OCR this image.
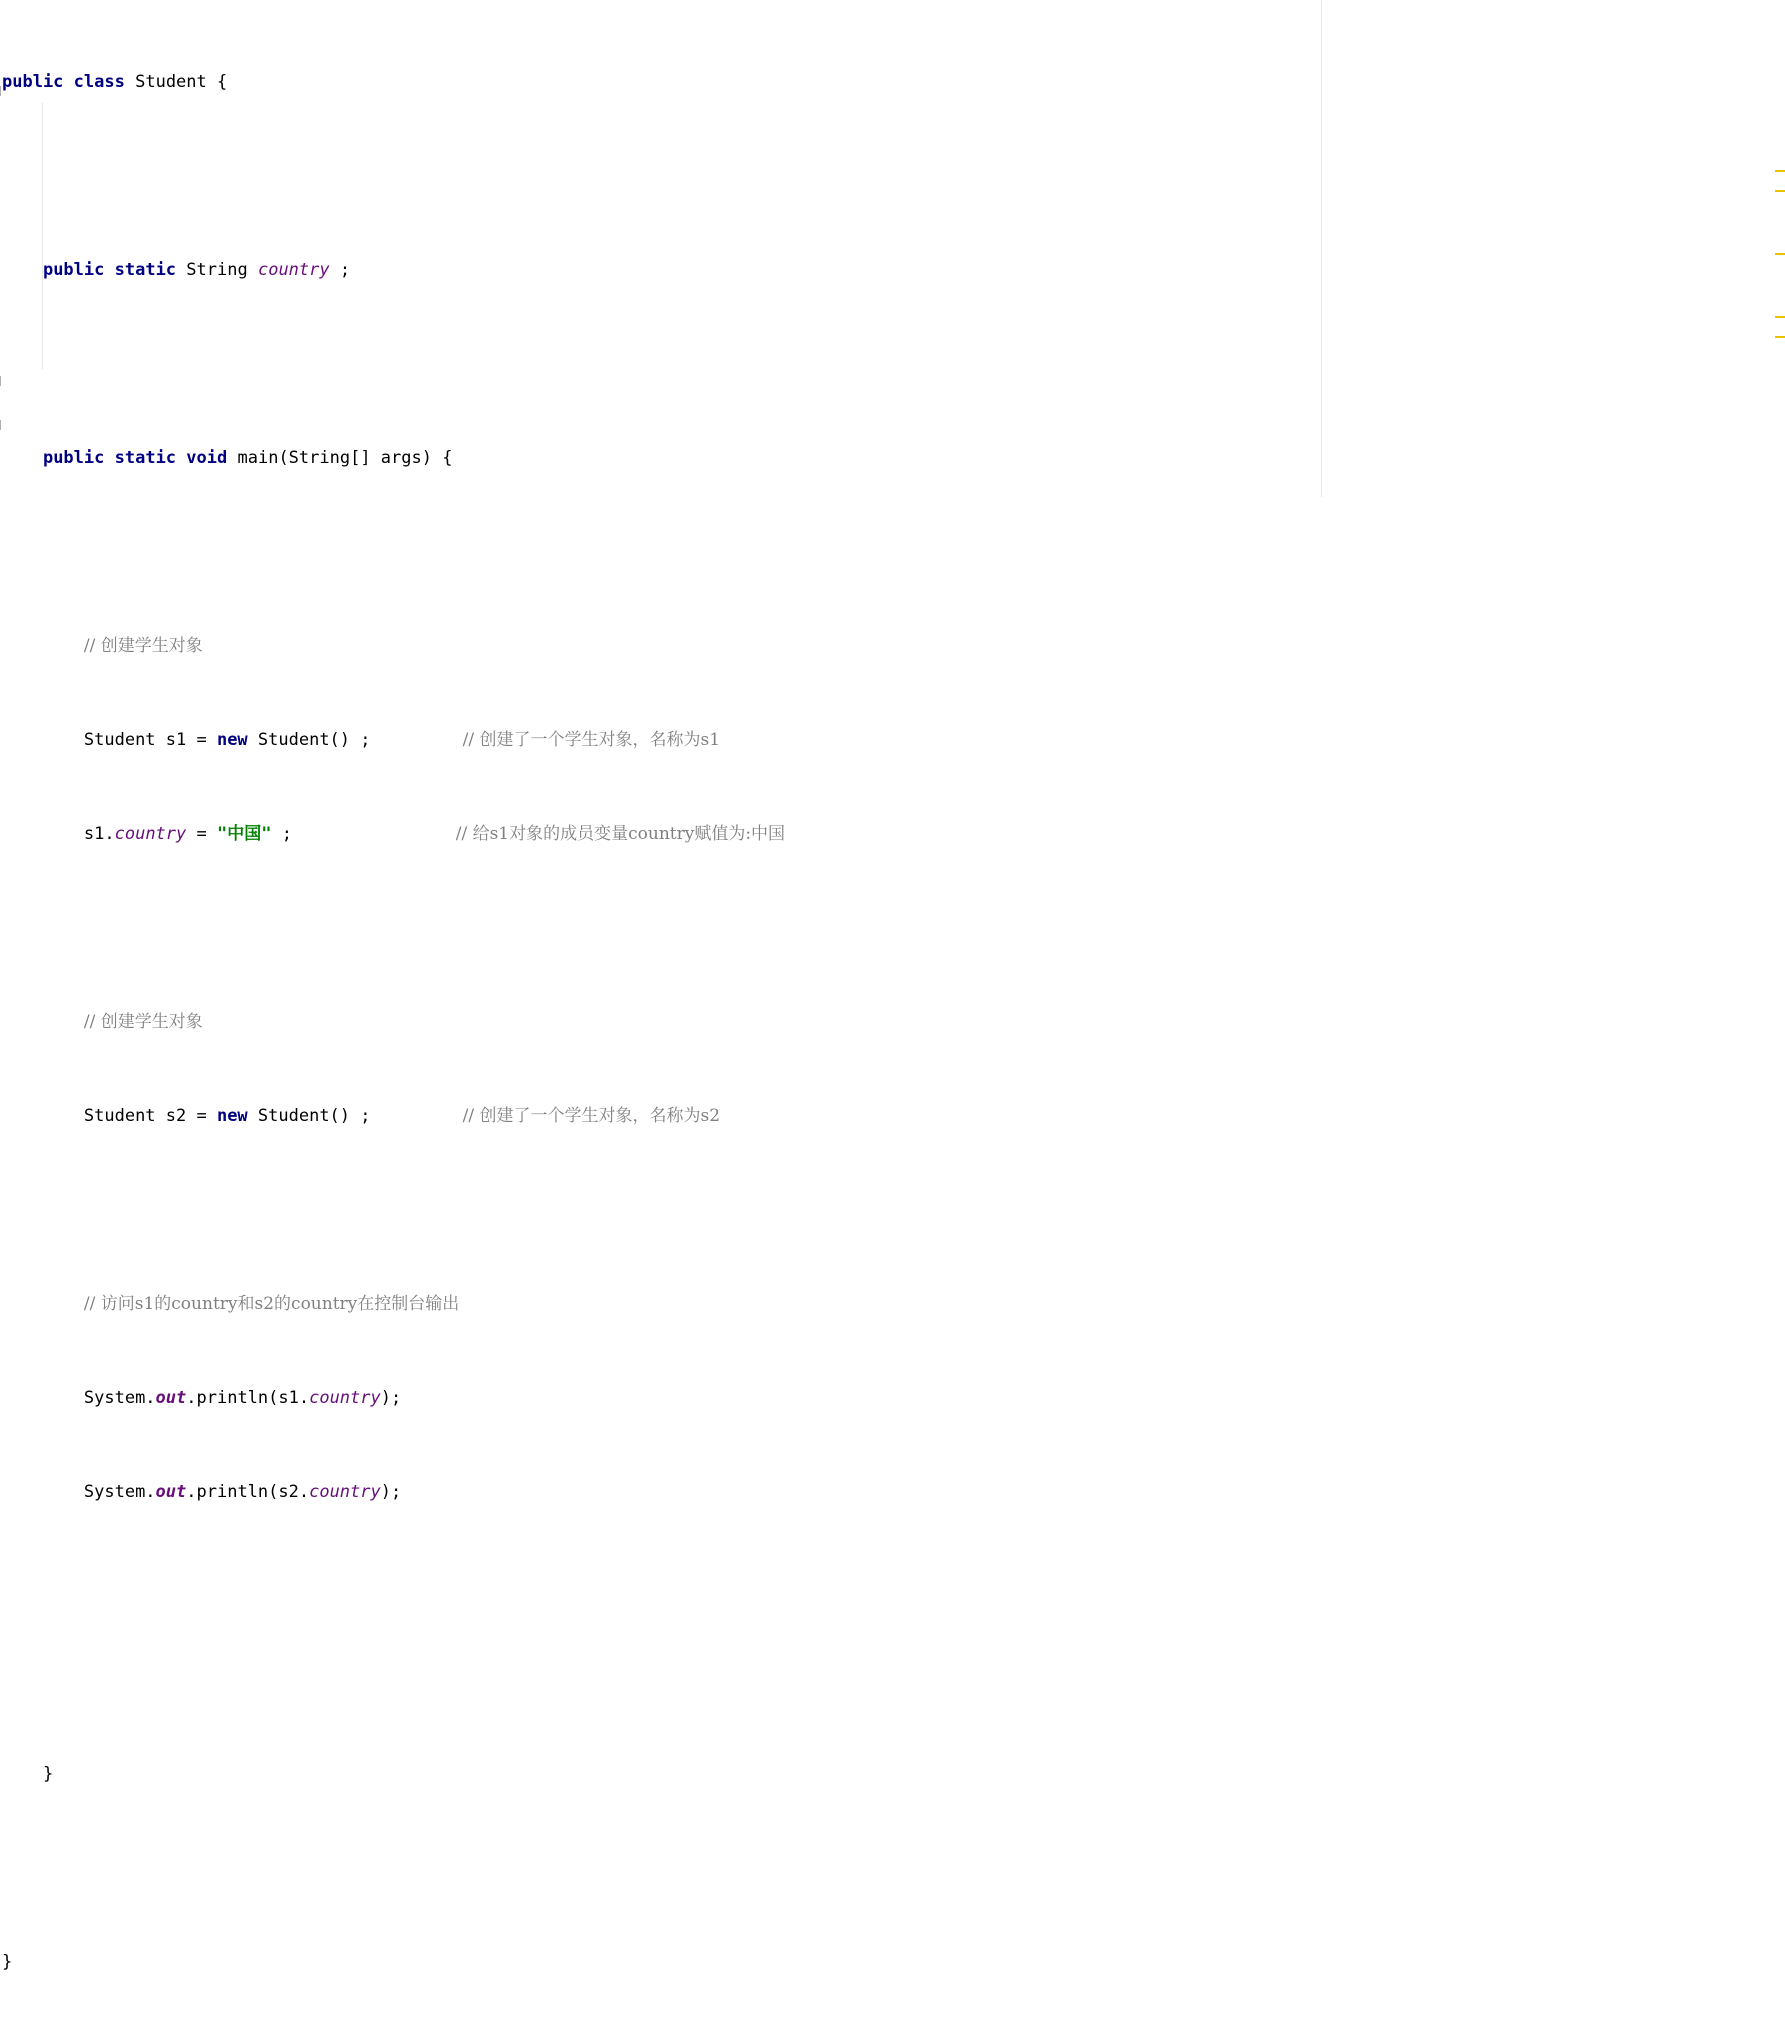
public class Student {

public static String country ;

public static void main(String[] args) {

// 创建学生对象

Student s1 = new Student() ;	// 创建了一个学生对象，名称为s1

s1.country = "中国" ;	// 给s1对象的成员变量country赋值为:中国

// 创建学生对象

Student s2 = new Student() ;	// 创建了一个学生对象，名称为s2

// 访问s1的country和s2的country在控制台输出

System.out.println(s1.country);

System.out.println(s2.country);

}

}
